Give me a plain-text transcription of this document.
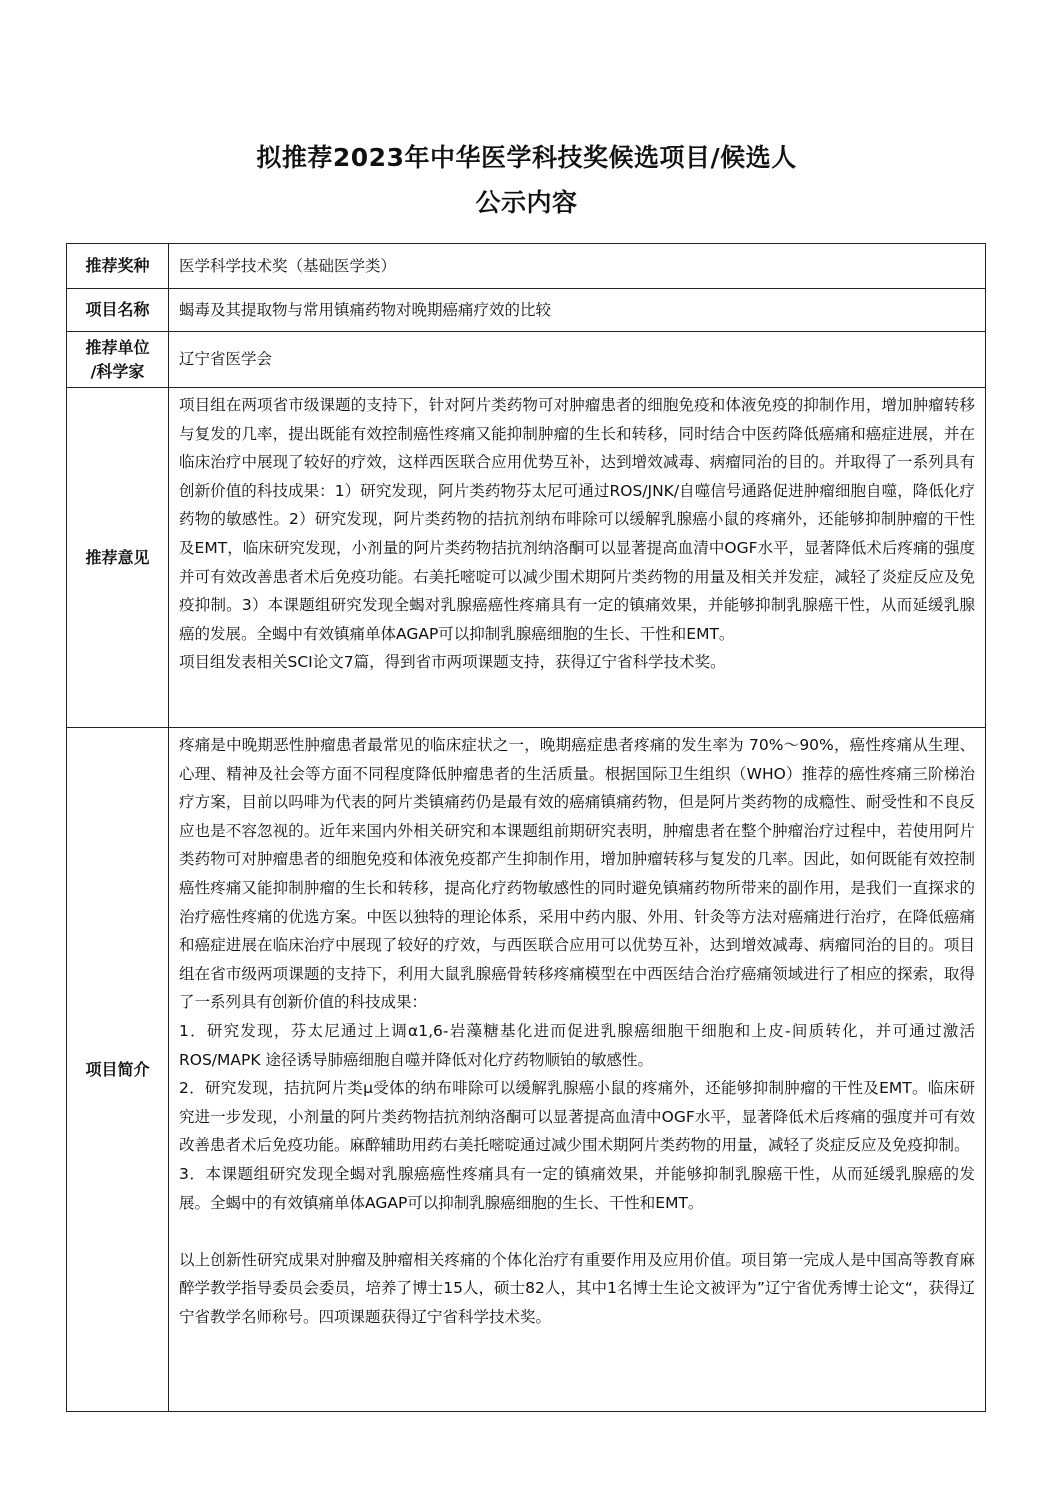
拟推荐2023年中华医学科技奖候选项目/候选人
公示内容
推荐奖种	医学科学技术奖（基础医学类）
项目名称	蝎毒及其提取物与常用镇痛药物对晚期癌痛疗效的比较

推荐单位
/科学家	辽宁省医学会
推荐意见	项目组在两项省市级课题的支持下，针对阿片类药物可对肿瘤患者的细胞免疫和体液免疫的抑制作用，增加肿瘤转移与复发的几率，提出既能有效控制癌性疼痛又能抑制肿瘤的生长和转移，同时结合中医药降低癌痛和癌症进展，并在临床治疗中展现了较好的疗效，这样西医联合应用优势互补，达到增效减毒、病瘤同治的目的。并取得了一系列具有创新价值的科技成果：1）研究发现，阿片类药物芬太尼可通过ROS/JNK/自噬信号通路促进肿瘤细胞自噬，降低化疗药物的敏感性。2）研究发现，阿片类药物的拮抗剂纳布啡除可以缓解乳腺癌小鼠的疼痛外，还能够抑制肿瘤的干性及EMT，临床研究发现，小剂量的阿片类药物拮抗剂纳洛酮可以显著提高血清中OGF水平，显著降低术后疼痛的强度并可有效改善患者术后免疫功能。右美托嘧啶可以减少围术期阿片类药物的用量及相关并发症，减轻了炎症反应及免疫抑制。3）本课题组研究发现全蝎对乳腺癌癌性疼痛具有一定的镇痛效果，并能够抑制乳腺癌干性，从而延缓乳腺癌的发展。全蝎中有效镇痛单体AGAP可以抑制乳腺癌细胞的生长、干性和EMT。

项目组发表相关SCI论文7篇，得到省市两项课题支持，获得辽宁省科学技术奖。

项目简介	疼痛是中晚期恶性肿瘤患者最常见的临床症状之一，晚期癌症患者疼痛的发生率为 70%～90%，癌性疼痛从生理、心理、精神及社会等方面不同程度降低肿瘤患者的生活质量。根据国际卫生组织（WHO）推荐的癌性疼痛三阶梯治疗方案，目前以吗啡为代表的阿片类镇痛药仍是最有效的癌痛镇痛药物，但是阿片类药物的成瘾性、耐受性和不良反应也是不容忽视的。近年来国内外相关研究和本课题组前期研究表明，肿瘤患者在整个肿瘤治疗过程中，若使用阿片类药物可对肿瘤患者的细胞免疫和体液免疫都产生抑制作用，增加肿瘤转移与复发的几率。因此，如何既能有效控制癌性疼痛又能抑制肿瘤的生长和转移，提高化疗药物敏感性的同时避免镇痛药物所带来的副作用，是我们一直探求的治疗癌性疼痛的优选方案。中医以独特的理论体系，采用中药内服、外用、针灸等方法对癌痛进行治疗，在降低癌痛和癌症进展在临床治疗中展现了较好的疗效，与西医联合应用可以优势互补，达到增效减毒、病瘤同治的目的。项目组在省市级两项课题的支持下，利用大鼠乳腺癌骨转移疼痛模型在中西医结合治疗癌痛领域进行了相应的探索，取得了一系列具有创新价值的科技成果：

1．研究发现，芬太尼通过上调α1,6-岩藻糖基化进而促进乳腺癌细胞干细胞和上皮-间质转化，并可通过激活 ROS/MAPK 途径诱导肺癌细胞自噬并降低对化疗药物顺铂的敏感性。

2．研究发现，拮抗阿片类μ受体的纳布啡除可以缓解乳腺癌小鼠的疼痛外，还能够抑制肿瘤的干性及EMT。临床研究进一步发现，小剂量的阿片类药物拮抗剂纳洛酮可以显著提高血清中OGF水平，显著降低术后疼痛的强度并可有效改善患者术后免疫功能。麻醉辅助用药右美托嘧啶通过减少围术期阿片类药物的用量，减轻了炎症反应及免疫抑制。

3．本课题组研究发现全蝎对乳腺癌癌性疼痛具有一定的镇痛效果，并能够抑制乳腺癌干性，从而延缓乳腺癌的发展。全蝎中的有效镇痛单体AGAP可以抑制乳腺癌细胞的生长、干性和EMT。

以上创新性研究成果对肿瘤及肿瘤相关疼痛的个体化治疗有重要作用及应用价值。项目第一完成人是中国高等教育麻醉学教学指导委员会委员，培养了博士15人，硕士82人，其中1名博士生论文被评为”辽宁省优秀博士论文“，获得辽宁省教学名师称号。四项课题获得辽宁省科学技术奖。
